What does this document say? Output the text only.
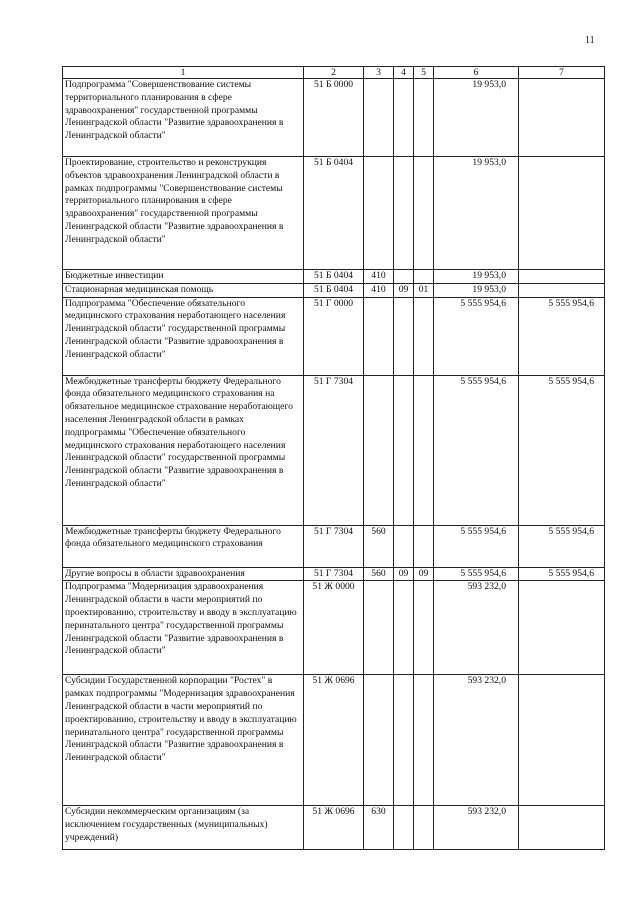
11
1	2	3	4	5	6	7
Подпрограмма "Совершенствование системы территориального планирования в сфере здравоохранения" государственной программы Ленинградской области "Развитие здравоохранения в Ленинградской области"	51 Б 0000				19 953,0	
Проектирование, строительство и реконструкция объектов здравоохранения Ленинградской области в рамках подпрограммы "Совершенствование системы территориального планирования в сфере здравоохранения" государственной программы Ленинградской области "Развитие здравоохранения в Ленинградской области"	51 Б 0404				19 953,0	
Бюджетные инвестиции	51 Б 0404	410			19 953,0	
Стационарная медицинская помощь	51 Б 0404	410	09	01	19 953,0	
Подпрограмма "Обеспечение обязательного медицинского страхования неработающего населения Ленинградской области" государственной программы Ленинградской области "Развитие здравоохранения в Ленинградской области"	51 Г 0000				5 555 954,6	5 555 954,6
Межбюджетные трансферты бюджету Федерального фонда обязательного медицинского страхования на обязательное медицинское страхование неработающего населения Ленинградской области в рамках подпрограммы "Обеспечение обязательного медицинского страхования неработающего населения Ленинградской области" государственной программы Ленинградской области "Развитие здравоохранения в Ленинградской области"	51 Г 7304				5 555 954,6	5 555 954,6
Межбюджетные трансферты бюджету Федерального фонда обязательного медицинского страхования	51 Г 7304	560			5 555 954,6	5 555 954,6
Другие вопросы в области здравоохранения	51 Г 7304	560	09	09	5 555 954,6	5 555 954,6
Подпрограмма "Модернизация здравоохранения Ленинградской области в части мероприятий по проектированию, строительству и вводу в эксплуатацию перинатального центра" государственной программы Ленинградской области "Развитие здравоохранения в Ленинградской области"	51 Ж 0000				593 232,0	
Субсидии Государственной корпорации "Ростех" в рамках подпрограммы "Модернизация здравоохранения Ленинградской области в части мероприятий по проектированию, строительству и вводу в эксплуатацию перинатального центра" государственной программы Ленинградской области "Развитие здравоохранения в Ленинградской области"	51 Ж 0696				593 232,0	
Субсидии некоммерческим организациям (за исключением государственных (муниципальных) учреждений)	51 Ж 0696	630			593 232,0	
